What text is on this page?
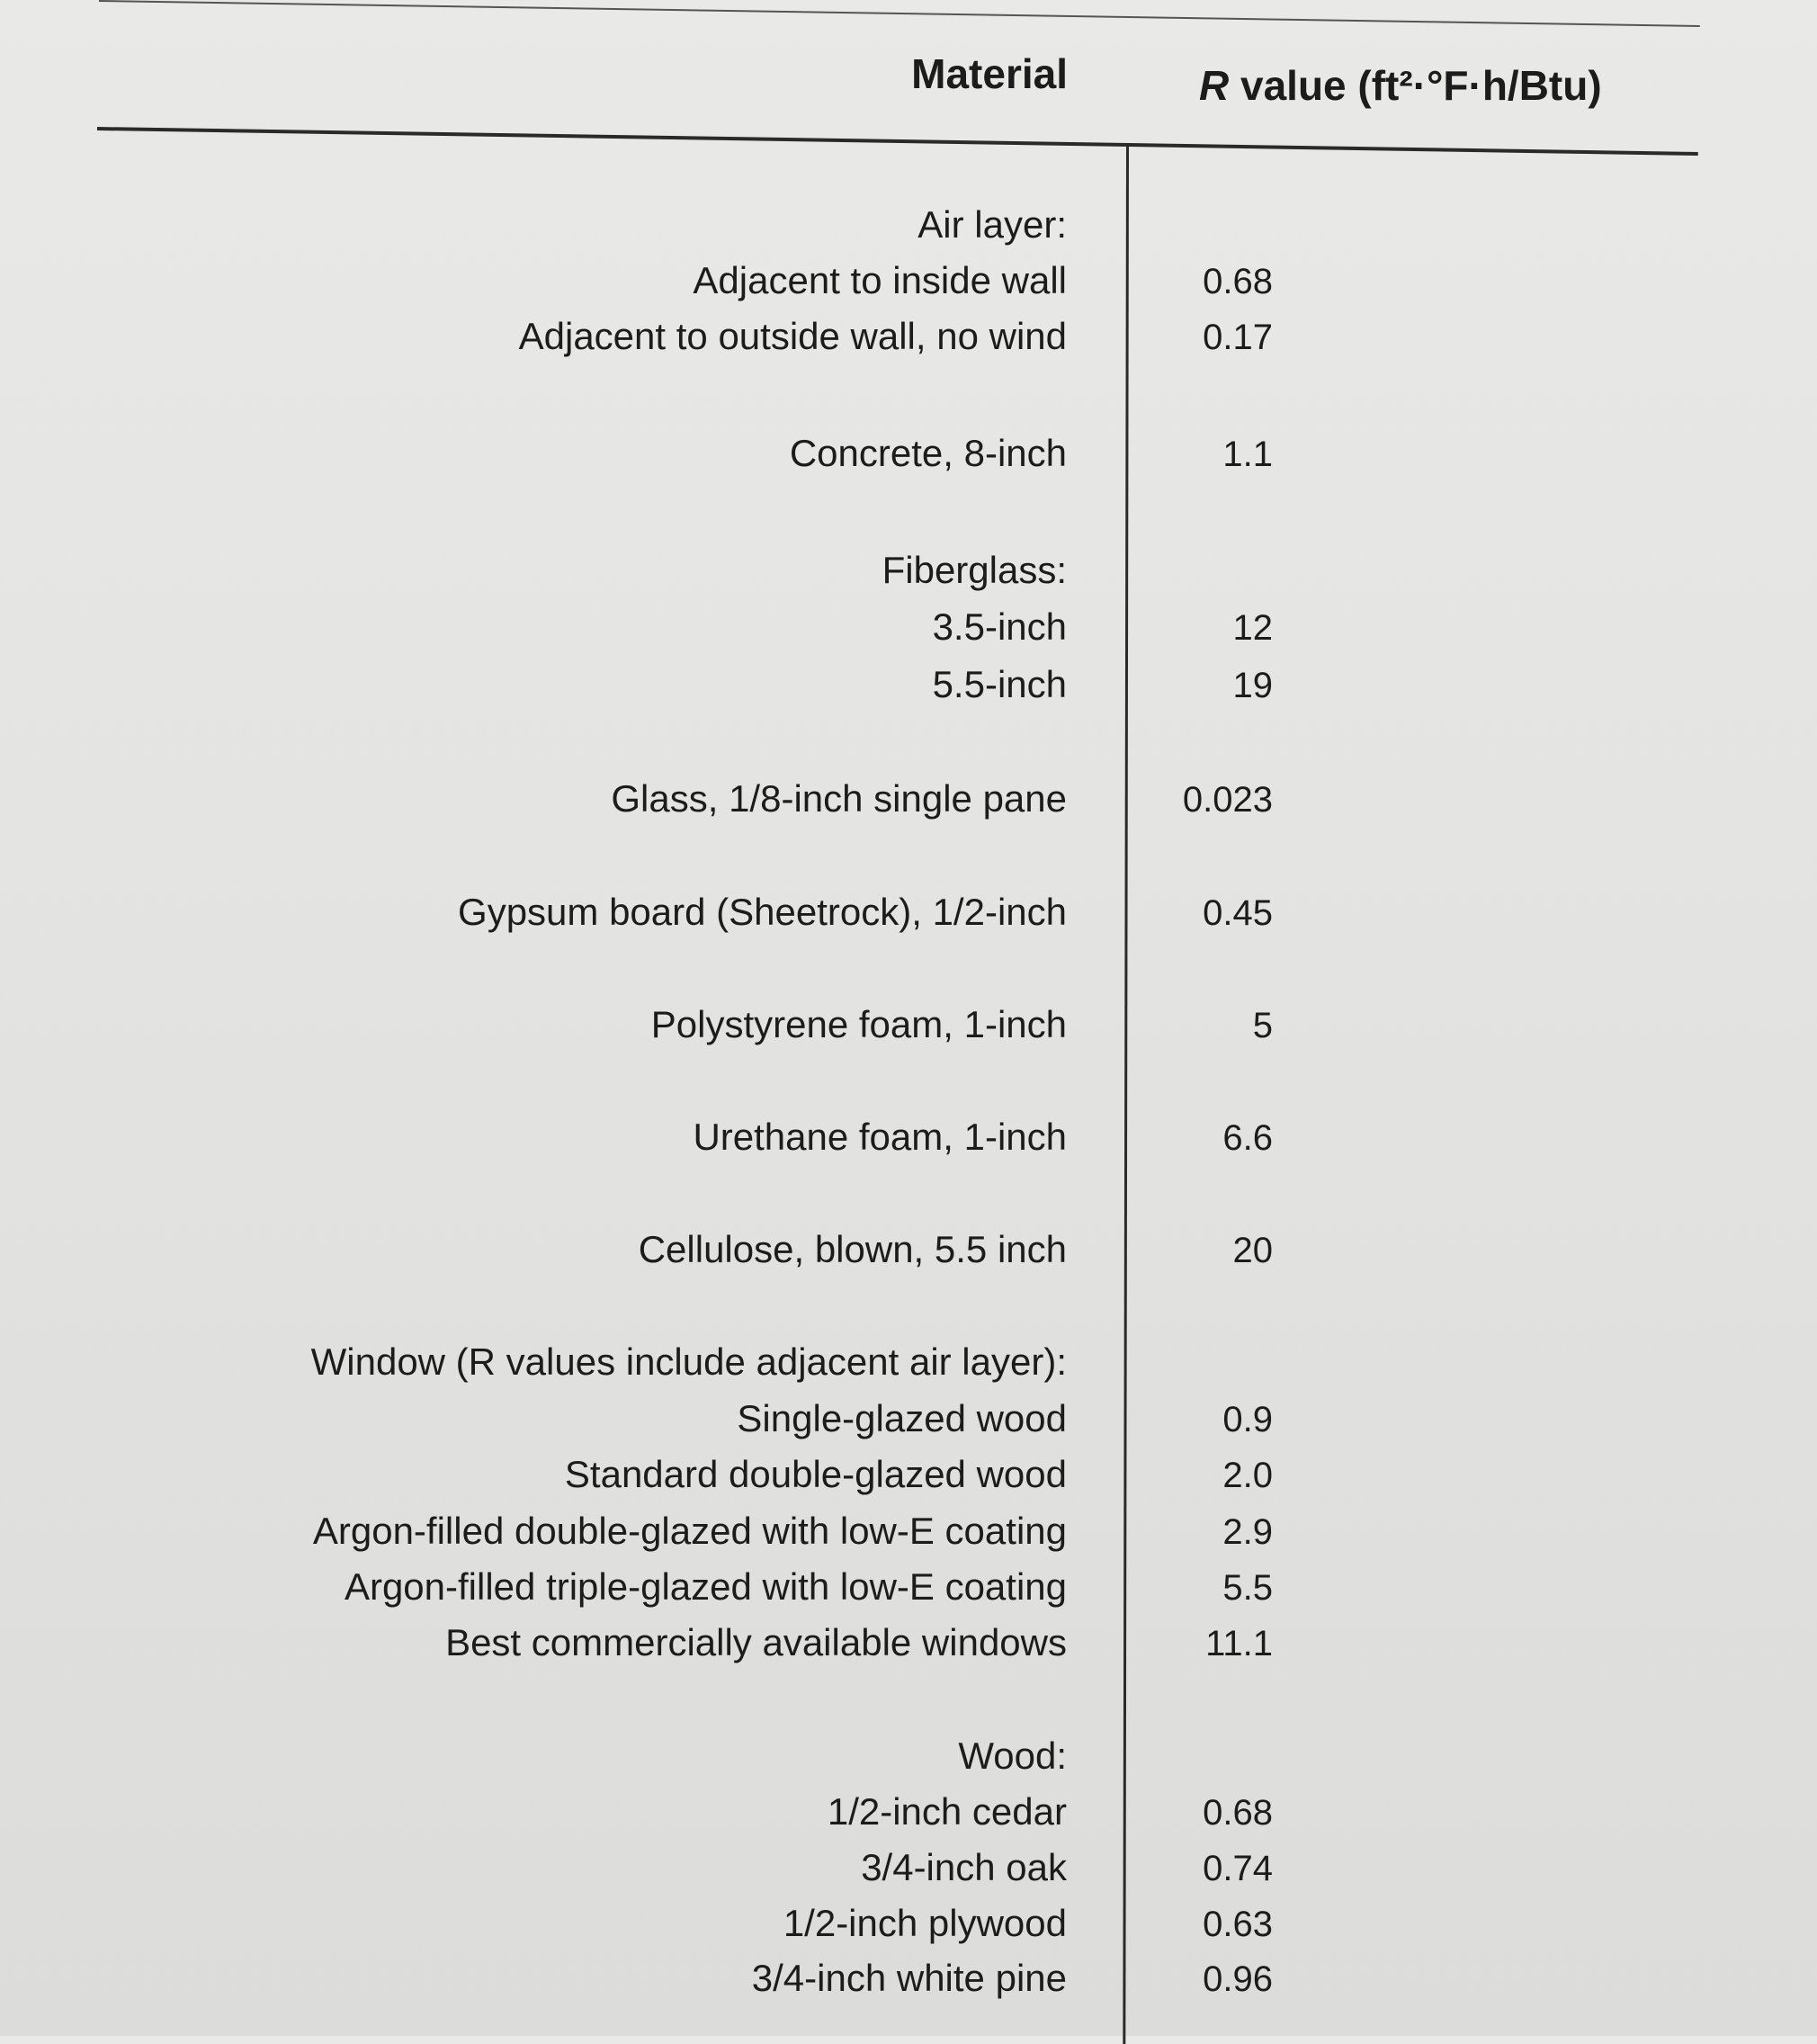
Material	R value (ft²·°F·h/Btu)
Air layer:
Adjacent to inside wall	0.68
Adjacent to outside wall, no wind	0.17
Concrete, 8-inch	1.1
Fiberglass:
3.5-inch	12
5.5-inch	19
Glass, 1/8-inch single pane	0.023
Gypsum board (Sheetrock), 1/2-inch	0.45
Polystyrene foam, 1-inch	5
Urethane foam, 1-inch	6.6
Cellulose, blown, 5.5 inch	20
Window (R values include adjacent air layer):
Single-glazed wood	0.9
Standard double-glazed wood	2.0
Argon-filled double-glazed with low-E coating	2.9
Argon-filled triple-glazed with low-E coating	5.5
Best commercially available windows	11.1
Wood:
1/2-inch cedar	0.68
3/4-inch oak	0.74
1/2-inch plywood	0.63
3/4-inch white pine	0.96
